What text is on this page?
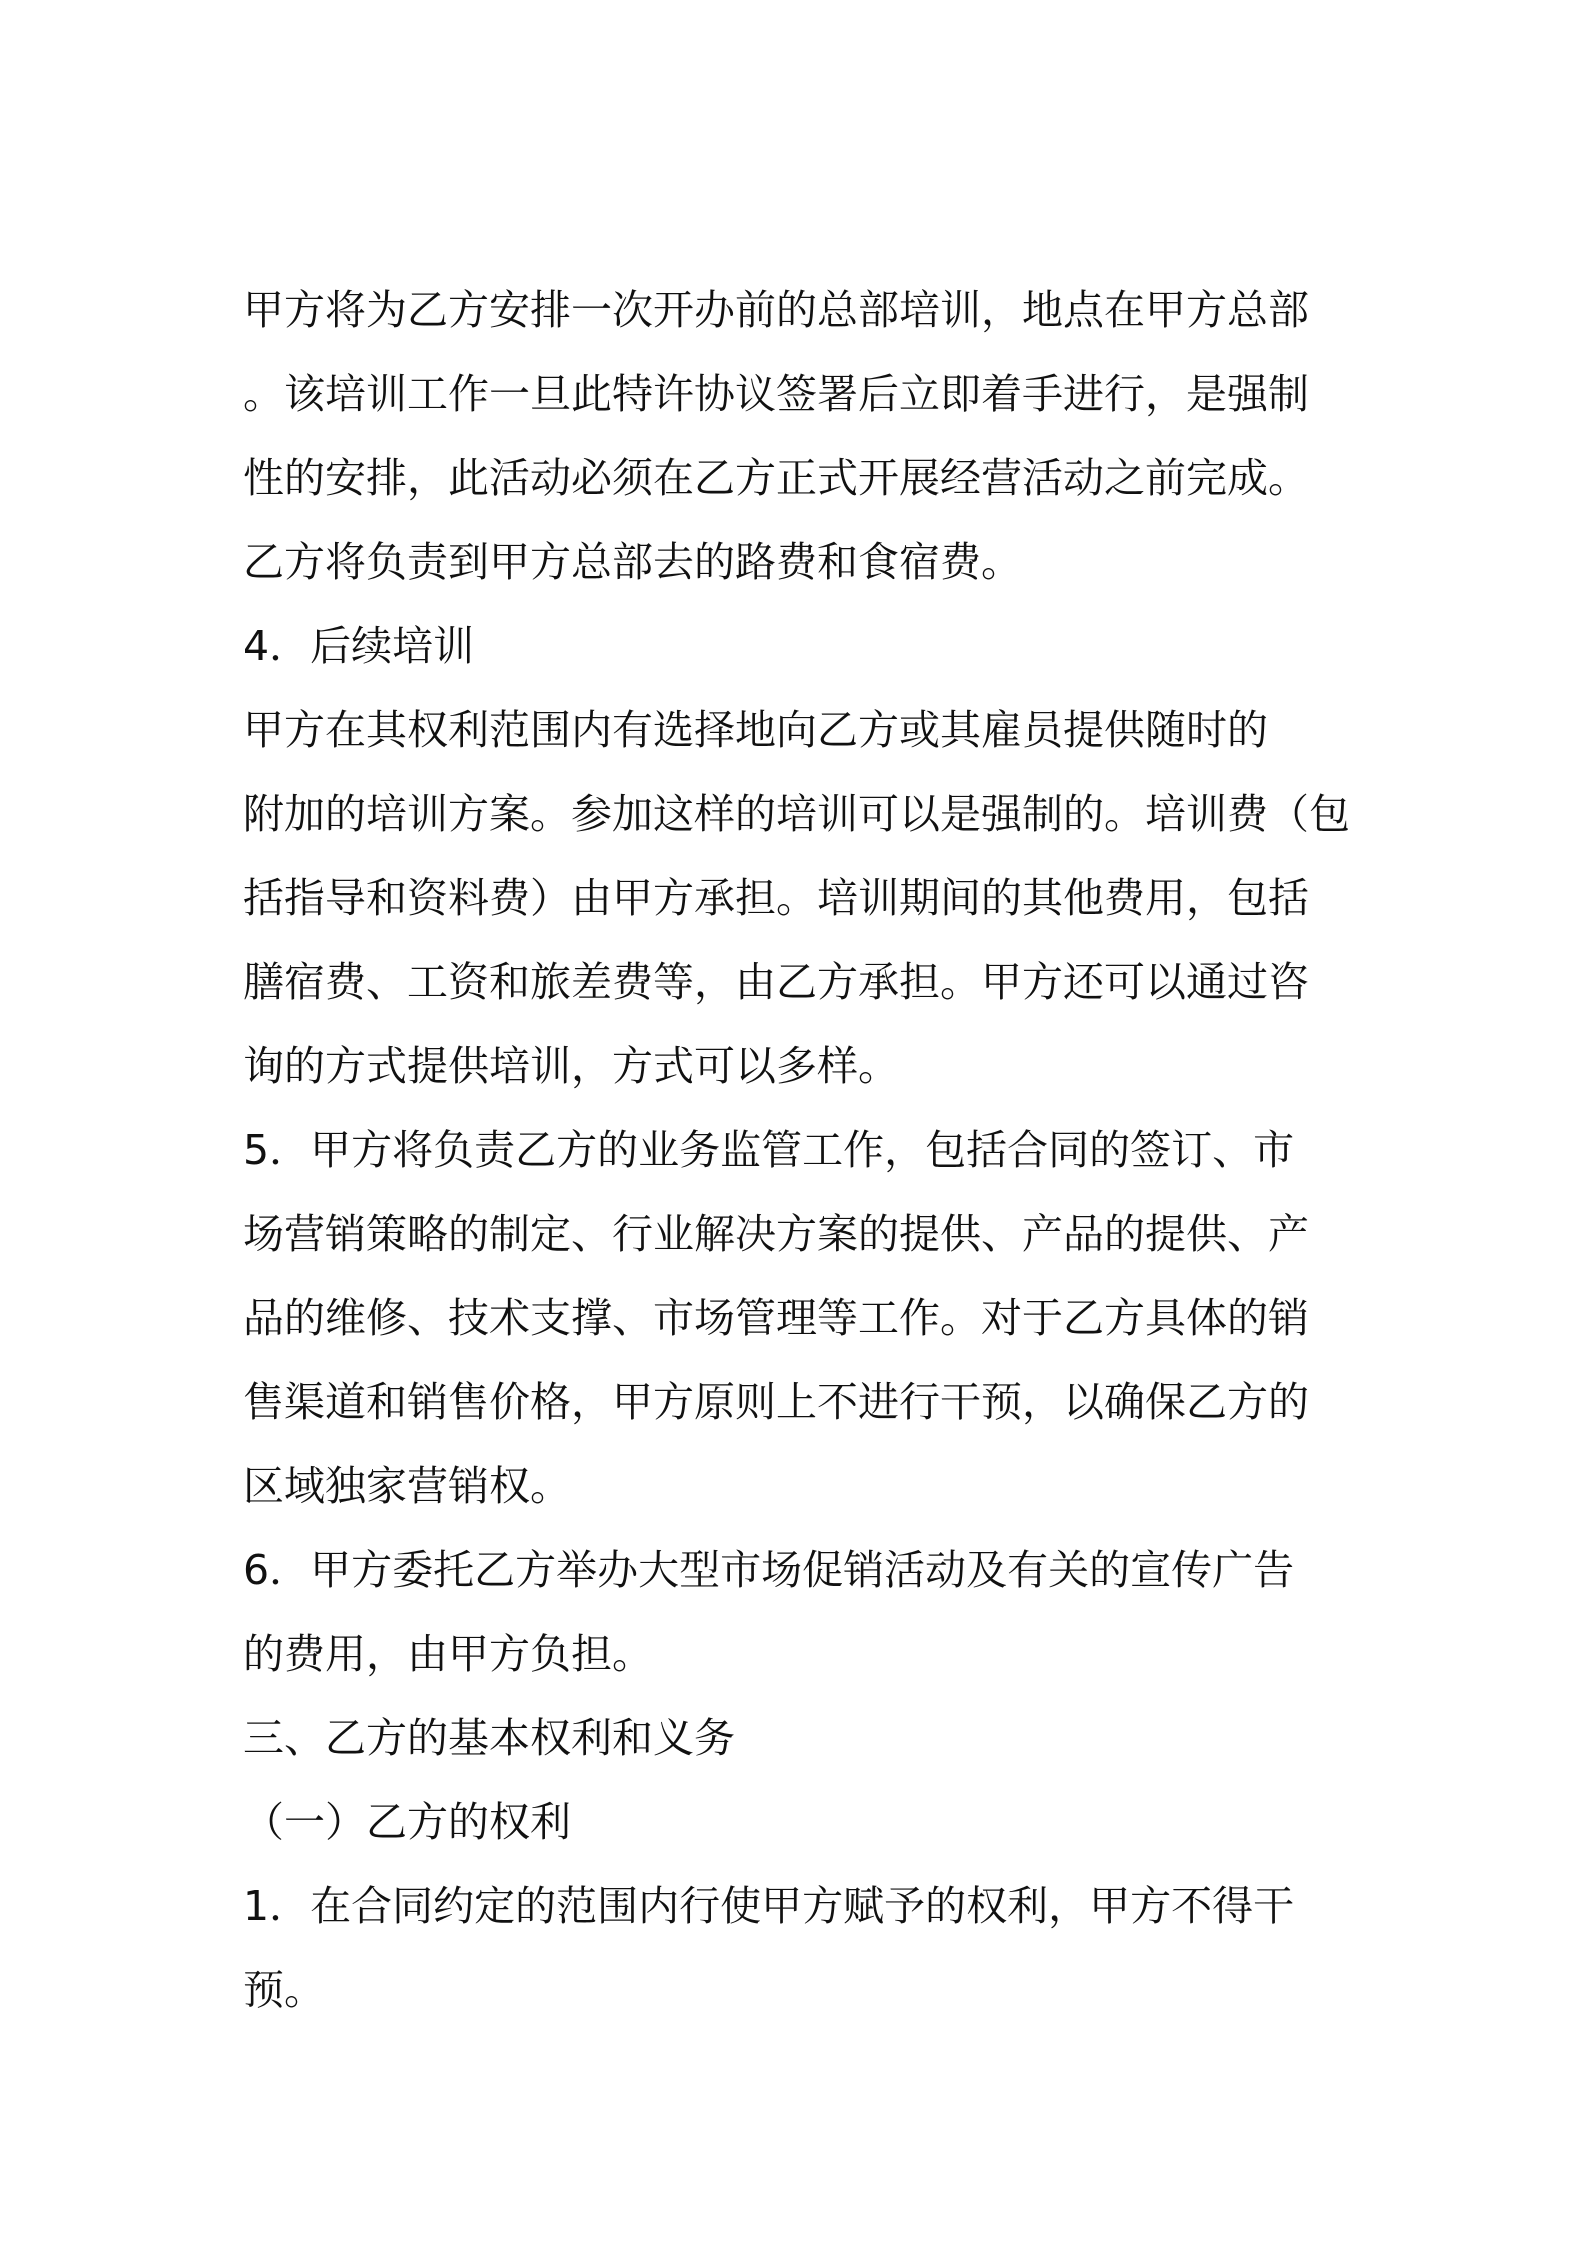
甲方将为乙方安排一次开办前的总部培训，地点在甲方总部
。该培训工作一旦此特许协议签署后立即着手进行，是强制
性的安排，此活动必须在乙方正式开展经营活动之前完成。
乙方将负责到甲方总部去的路费和食宿费。
4．后续培训
甲方在其权利范围内有选择地向乙方或其雇员提供随时的
附加的培训方案。参加这样的培训可以是强制的。培训费（包
括指导和资料费）由甲方承担。培训期间的其他费用，包括
膳宿费、工资和旅差费等，由乙方承担。甲方还可以通过咨
询的方式提供培训，方式可以多样。
5．甲方将负责乙方的业务监管工作，包括合同的签订、市
场营销策略的制定、行业解决方案的提供、产品的提供、产
品的维修、技术支撑、市场管理等工作。对于乙方具体的销
售渠道和销售价格，甲方原则上不进行干预，以确保乙方的
区域独家营销权。
6．甲方委托乙方举办大型市场促销活动及有关的宣传广告
的费用，由甲方负担。
三、乙方的基本权利和义务
（一）乙方的权利
1．在合同约定的范围内行使甲方赋予的权利，甲方不得干
预。
